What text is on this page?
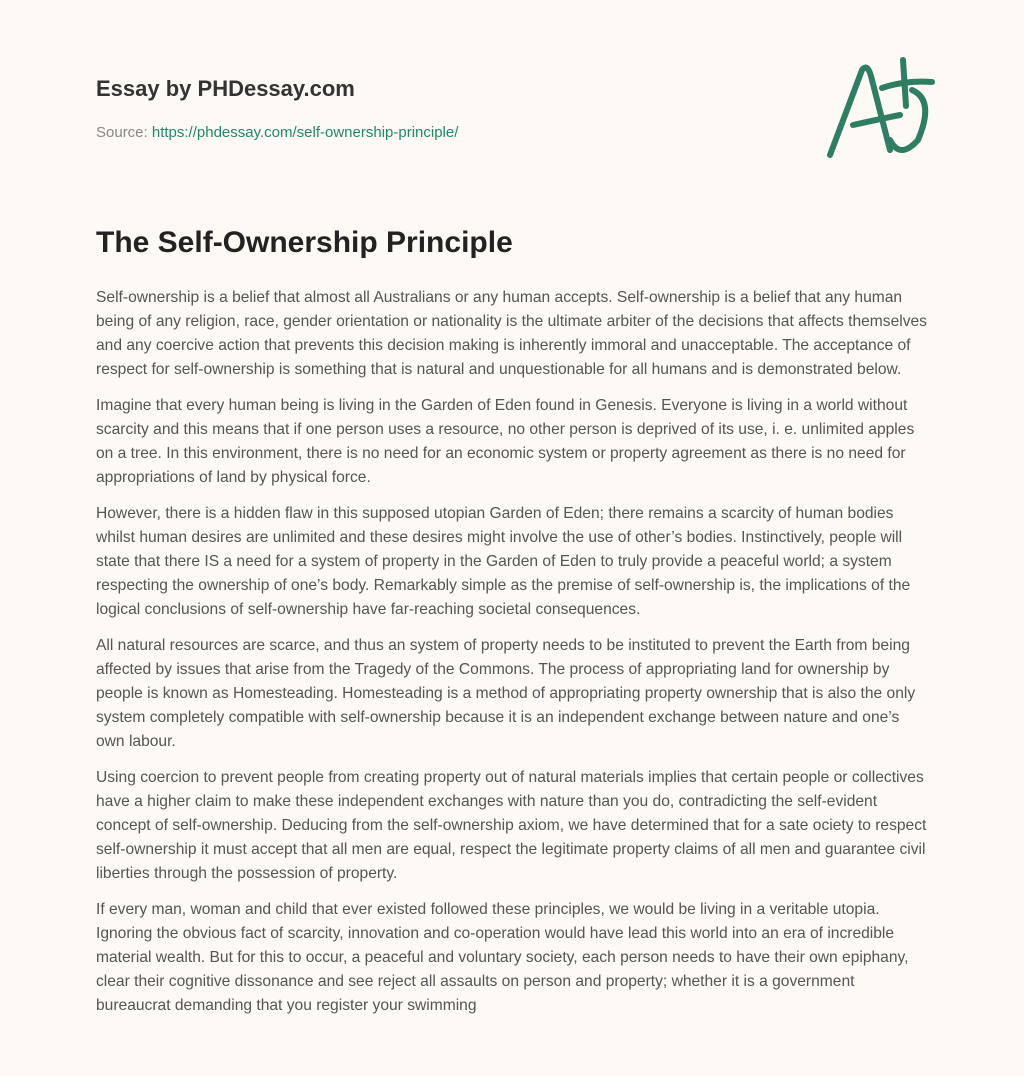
Essay by PHDessay.com
Source: https://phdessay.com/self-ownership-principle/
The Self-Ownership Principle

Self-ownership is a belief that almost all Australians or any human accepts. Self-ownership is a belief that any human being of any religion, race, gender orientation or nationality is the ultimate arbiter of the decisions that affects themselves and any coercive action that prevents this decision making is inherently immoral and unacceptable. The acceptance of respect for self-ownership is something that is natural and unquestionable for all humans and is demonstrated below.

Imagine that every human being is living in the Garden of Eden found in Genesis. Everyone is living in a world without scarcity and this means that if one person uses a resource, no other person is deprived of its use, i. e. unlimited apples on a tree. In this environment, there is no need for an economic system or property agreement as there is no need for appropriations of land by physical force.

However, there is a hidden flaw in this supposed utopian Garden of Eden; there remains a scarcity of human bodies whilst human desires are unlimited and these desires might involve the use of other’s bodies. Instinctively, people will state that there IS a need for a system of property in the Garden of Eden to truly provide a peaceful world; a system respecting the ownership of one’s body. Remarkably simple as the premise of self-ownership is, the implications of the logical conclusions of self-ownership have far-reaching societal consequences.

All natural resources are scarce, and thus an system of property needs to be instituted to prevent the Earth from being affected by issues that arise from the Tragedy of the Commons. The process of appropriating land for ownership by people is known as Homesteading. Homesteading is a method of appropriating property ownership that is also the only system completely compatible with self-ownership because it is an independent exchange between nature and one’s own labour.

Using coercion to prevent people from creating property out of natural materials implies that certain people or collectives have a higher claim to make these independent exchanges with nature than you do, contradicting the self-evident concept of self-ownership. Deducing from the self-ownership axiom, we have determined that for a sate ociety to respect self-ownership it must accept that all men are equal, respect the legitimate property claims of all men and guarantee civil liberties through the possession of property.

If every man, woman and child that ever existed followed these principles, we would be living in a veritable utopia. Ignoring the obvious fact of scarcity, innovation and co-operation would have lead this world into an era of incredible material wealth. But for this to occur, a peaceful and voluntary society, each person needs to have their own epiphany, clear their cognitive dissonance and see reject all assaults on person and property; whether it is a government bureaucrat demanding that you register your swimming
